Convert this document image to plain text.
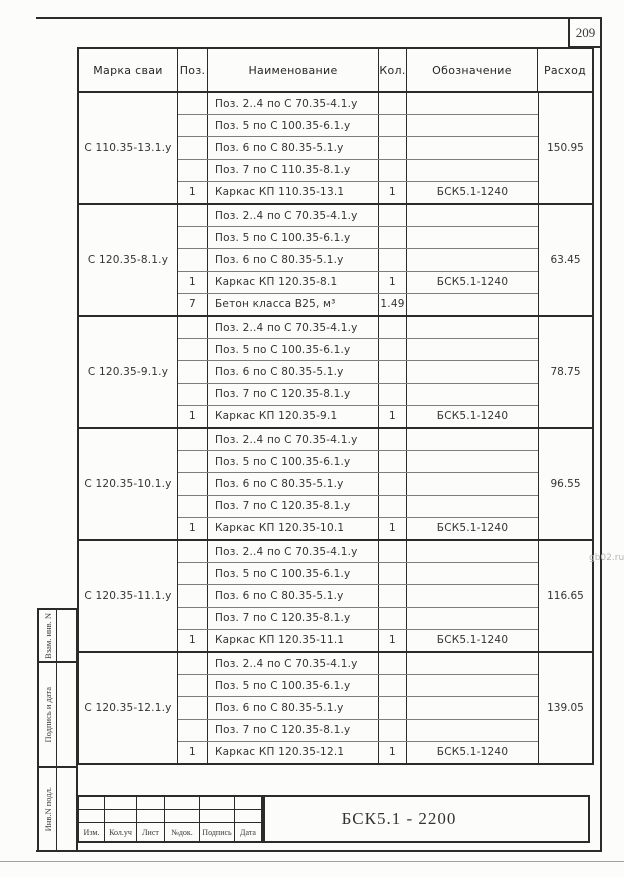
209
Марка сваи	Поз.	Наименование	Кол.	Обозначение	Расход
С 110.35-13.1.у
Поз. 2..4 по С 70.35-4.1.у
Поз. 5 по С 100.35-6.1.у
Поз. 6 по С 80.35-5.1.у
Поз. 7 по С 110.35-8.1.у
1	Каркас КП 110.35-13.1	1	БСК5.1-1240
150.95
С 120.35-8.1.у
Поз. 2..4 по С 70.35-4.1.у
Поз. 5 по С 100.35-6.1.у
Поз. 6 по С 80.35-5.1.у
1	Каркас КП 120.35-8.1	1	БСК5.1-1240
7	Бетон класса В25, м³	1.49
63.45
С 120.35-9.1.у
Поз. 2..4 по С 70.35-4.1.у
Поз. 5 по С 100.35-6.1.у
Поз. 6 по С 80.35-5.1.у
Поз. 7 по С 120.35-8.1.у
1	Каркас КП 120.35-9.1	1	БСК5.1-1240
78.75
С 120.35-10.1.у
Поз. 2..4 по С 70.35-4.1.у
Поз. 5 по С 100.35-6.1.у
Поз. 6 по С 80.35-5.1.у
Поз. 7 по С 120.35-8.1.у
1	Каркас КП 120.35-10.1	1	БСК5.1-1240
96.55
С 120.35-11.1.у
Поз. 2..4 по С 70.35-4.1.у
Поз. 5 по С 100.35-6.1.у
Поз. 6 по С 80.35-5.1.у
Поз. 7 по С 120.35-8.1.у
1	Каркас КП 120.35-11.1	1	БСК5.1-1240
116.65
С 120.35-12.1.у
Поз. 2..4 по С 70.35-4.1.у
Поз. 5 по С 100.35-6.1.у
Поз. 6 по С 80.35-5.1.у
Поз. 7 по С 120.35-8.1.у
1	Каркас КП 120.35-12.1	1	БСК5.1-1240
139.05
Взам. инв. N
Подпись и дата
Инв.N подл.
Изм.	Кол.уч	Лист	№док.	Подпись	Дата
БСК5.1 - 2200
gb02.ru
